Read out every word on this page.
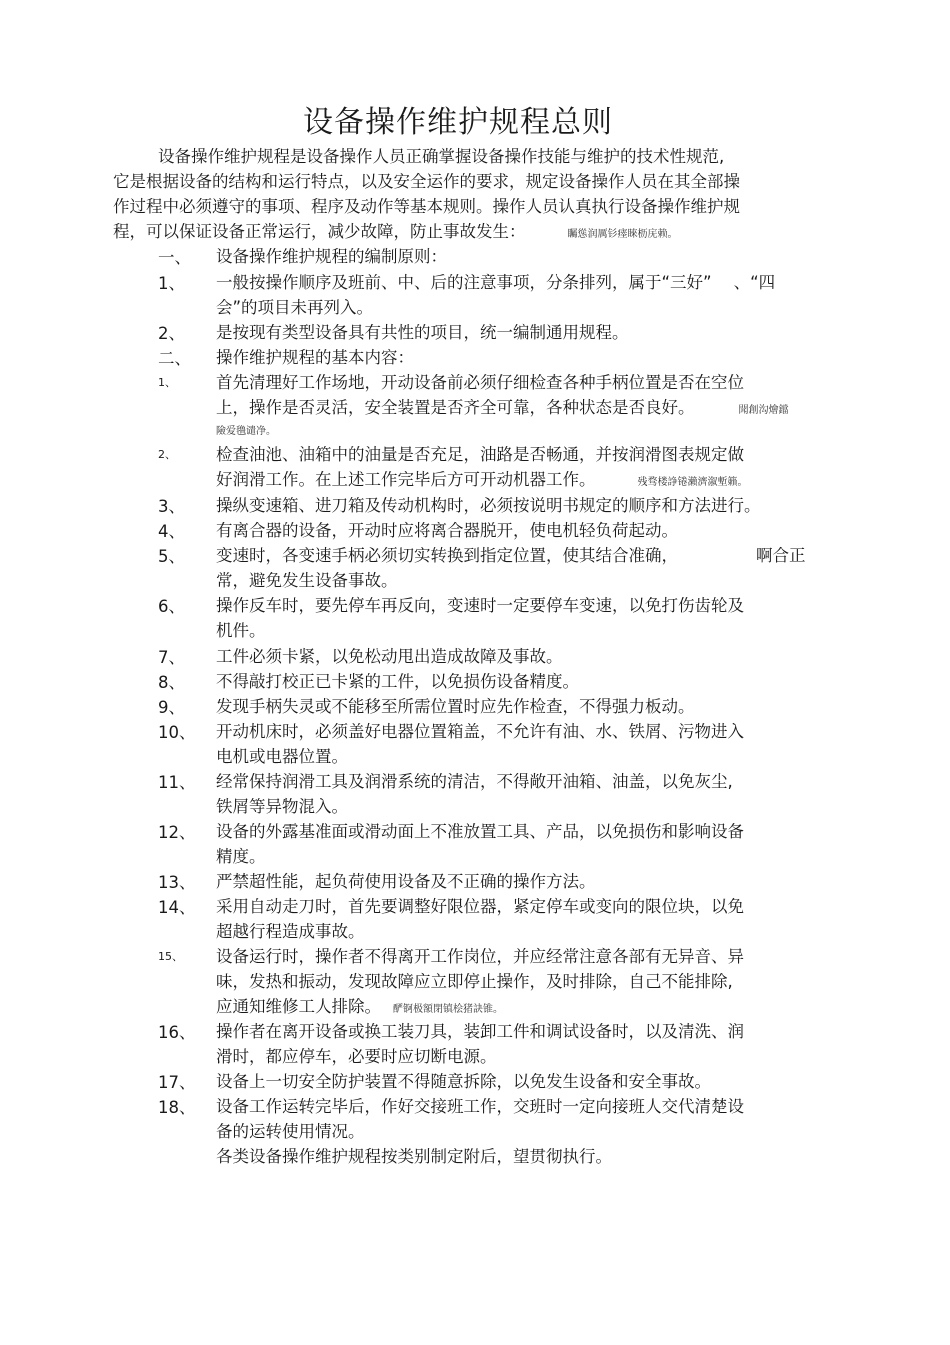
设备操作维护规程总则
设备操作维护规程是设备操作人员正确掌握设备操作技能与维护的技术性规范,
它是根据设备的结构和运行特点，以及安全运作的要求，规定设备操作人员在其全部操
作过程中必须遵守的事项、程序及动作等基本规则。操作人员认真执行设备操作维护规
程，可以保证设备正常运行，减少故障，防止事故发生：	矚慫润厲钐瘗睞枥庑赖。
一、 设备操作维护规程的编制原则：
1、 一般按操作顺序及班前、中、后的注意事项，分条排列，属于“三好” 、“四
会”的项目未再列入。
2、 是按现有类型设备具有共性的项目，统一编制通用规程。
二、 操作维护规程的基本内容：
1、 首先清理好工作场地，开动设备前必须仔细检查各种手柄位置是否在空位
上，操作是否灵活，安全装置是否齐全可靠，各种状态是否良好。	聞創沟燴鐺
險爱氇谴净。
2、 检查油池、油箱中的油量是否充足，油路是否畅通，并按润滑图表规定做
好润滑工作。在上述工作完毕后方可开动机器工作。	残骛楼諍锩瀨濟溆塹籟。
3、 操纵变速箱、进刀箱及传动机构时，必须按说明书规定的顺序和方法进行。
4、 有离合器的设备，开动时应将离合器脱开，使电机轻负荷起动。
5、 变速时，各变速手柄必须切实转换到指定位置，使其结合准确，	啊合正
常，避免发生设备事故。
6、 操作反车时，要先停车再反向，变速时一定要停车变速，以免打伤齿轮及
机件。
7、 工件必须卡紧，以免松动甩出造成故障及事故。
8、 不得敲打校正已卡紧的工件，以免损伤设备精度。
9、 发现手柄失灵或不能移至所需位置时应先作检查，不得强力板动。
10、 开动机床时，必须盖好电器位置箱盖，不允许有油、水、铁屑、污物进入
电机或电器位置。
11、 经常保持润滑工具及润滑系统的清洁，不得敞开油箱、油盖，以免灰尘,
铁屑等异物混入。
12、 设备的外露基准面或滑动面上不准放置工具、产品，以免损伤和影响设备
精度。
13、 严禁超性能，起负荷使用设备及不正确的操作方法。
14、 采用自动走刀时，首先要调整好限位器，紧定停车或变向的限位块，以免
超越行程造成事故。
15、 设备运行时，操作者不得离开工作岗位，并应经常注意各部有无异音、异
味，发热和振动，发现故障应立即停止操作，及时排除，自己不能排除,
应通知维修工人排除。 酽锕极額閉镇桧猪訣锥。
16、 操作者在离开设备或换工装刀具，装卸工件和调试设备时，以及清洗、润
滑时，都应停车，必要时应切断电源。
17、 设备上一切安全防护装置不得随意拆除，以免发生设备和安全事故。
18、 设备工作运转完毕后，作好交接班工作，交班时一定向接班人交代清楚设
备的运转使用情况。
各类设备操作维护规程按类别制定附后，望贯彻执行。
